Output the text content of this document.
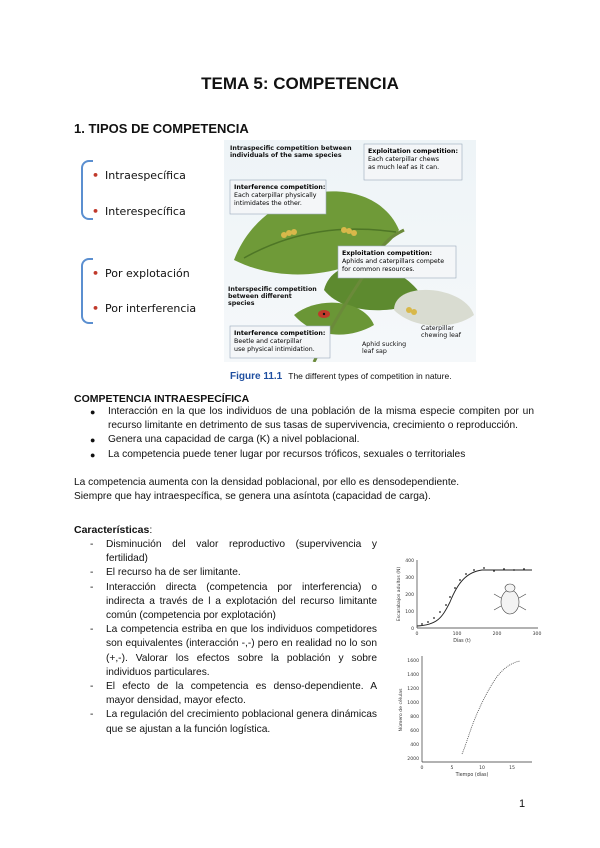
TEMA 5: COMPETENCIA
1. TIPOS DE COMPETENCIA
• Intraespecífica
• Interespecífica
• Por explotación
• Por interferencia
Intraspecific competition between
individuals of the same species
Exploitation competition:
Each caterpillar chews
as much leaf as it can.
Interference competition:
Each caterpillar physically
intimidates the other.
Exploitation competition:
Aphids and caterpillars compete
for common resources.
Interspecific competition
between different
species
Interference competition:
Beetle and caterpillar
use physical intimidation.
Caterpillar
chewing leaf
Aphid sucking
leaf sap
Figure 11.1 The different types of competition in nature.
COMPETENCIA INTRAESPECÍFICA
● Interacción en la que los individuos de una población de la misma especie compiten por un recurso limitante en detrimento de sus tasas de supervivencia, crecimiento o reproducción.
● Genera una capacidad de carga (K) a nivel poblacional.
● La competencia puede tener lugar por recursos tróficos, sexuales o territoriales
La competencia aumenta con la densidad poblacional, por ello es densodependiente.
Siempre que hay intraespecífica, se genera una asíntota (capacidad de carga).
Características:
- Disminución del valor reproductivo (supervivencia y fertilidad)
- El recurso ha de ser limitante.
- Interacción directa (competencia por interferencia) o indirecta a través de l a explotación del recurso limitante común (competencia por explotación)
- La competencia estriba en que los individuos competidores son equivalentes (interacción -,-) pero en realidad no lo son (+,-). Valorar los efectos sobre la población y sobre individuos particulares.
- El efecto de la competencia es denso-dependiente. A mayor densidad, mayor efecto.
- La regulación del crecimiento poblacional genera dinámicas que se ajustan a la función logística.
400
300
200
100
0
0	100	200	300
Días (t)
Escarabajos adultos (N)
1600
1400
1200
1000
800
600
400
2000
0	5	10	15
Tiempo (días)
Número de células
1
